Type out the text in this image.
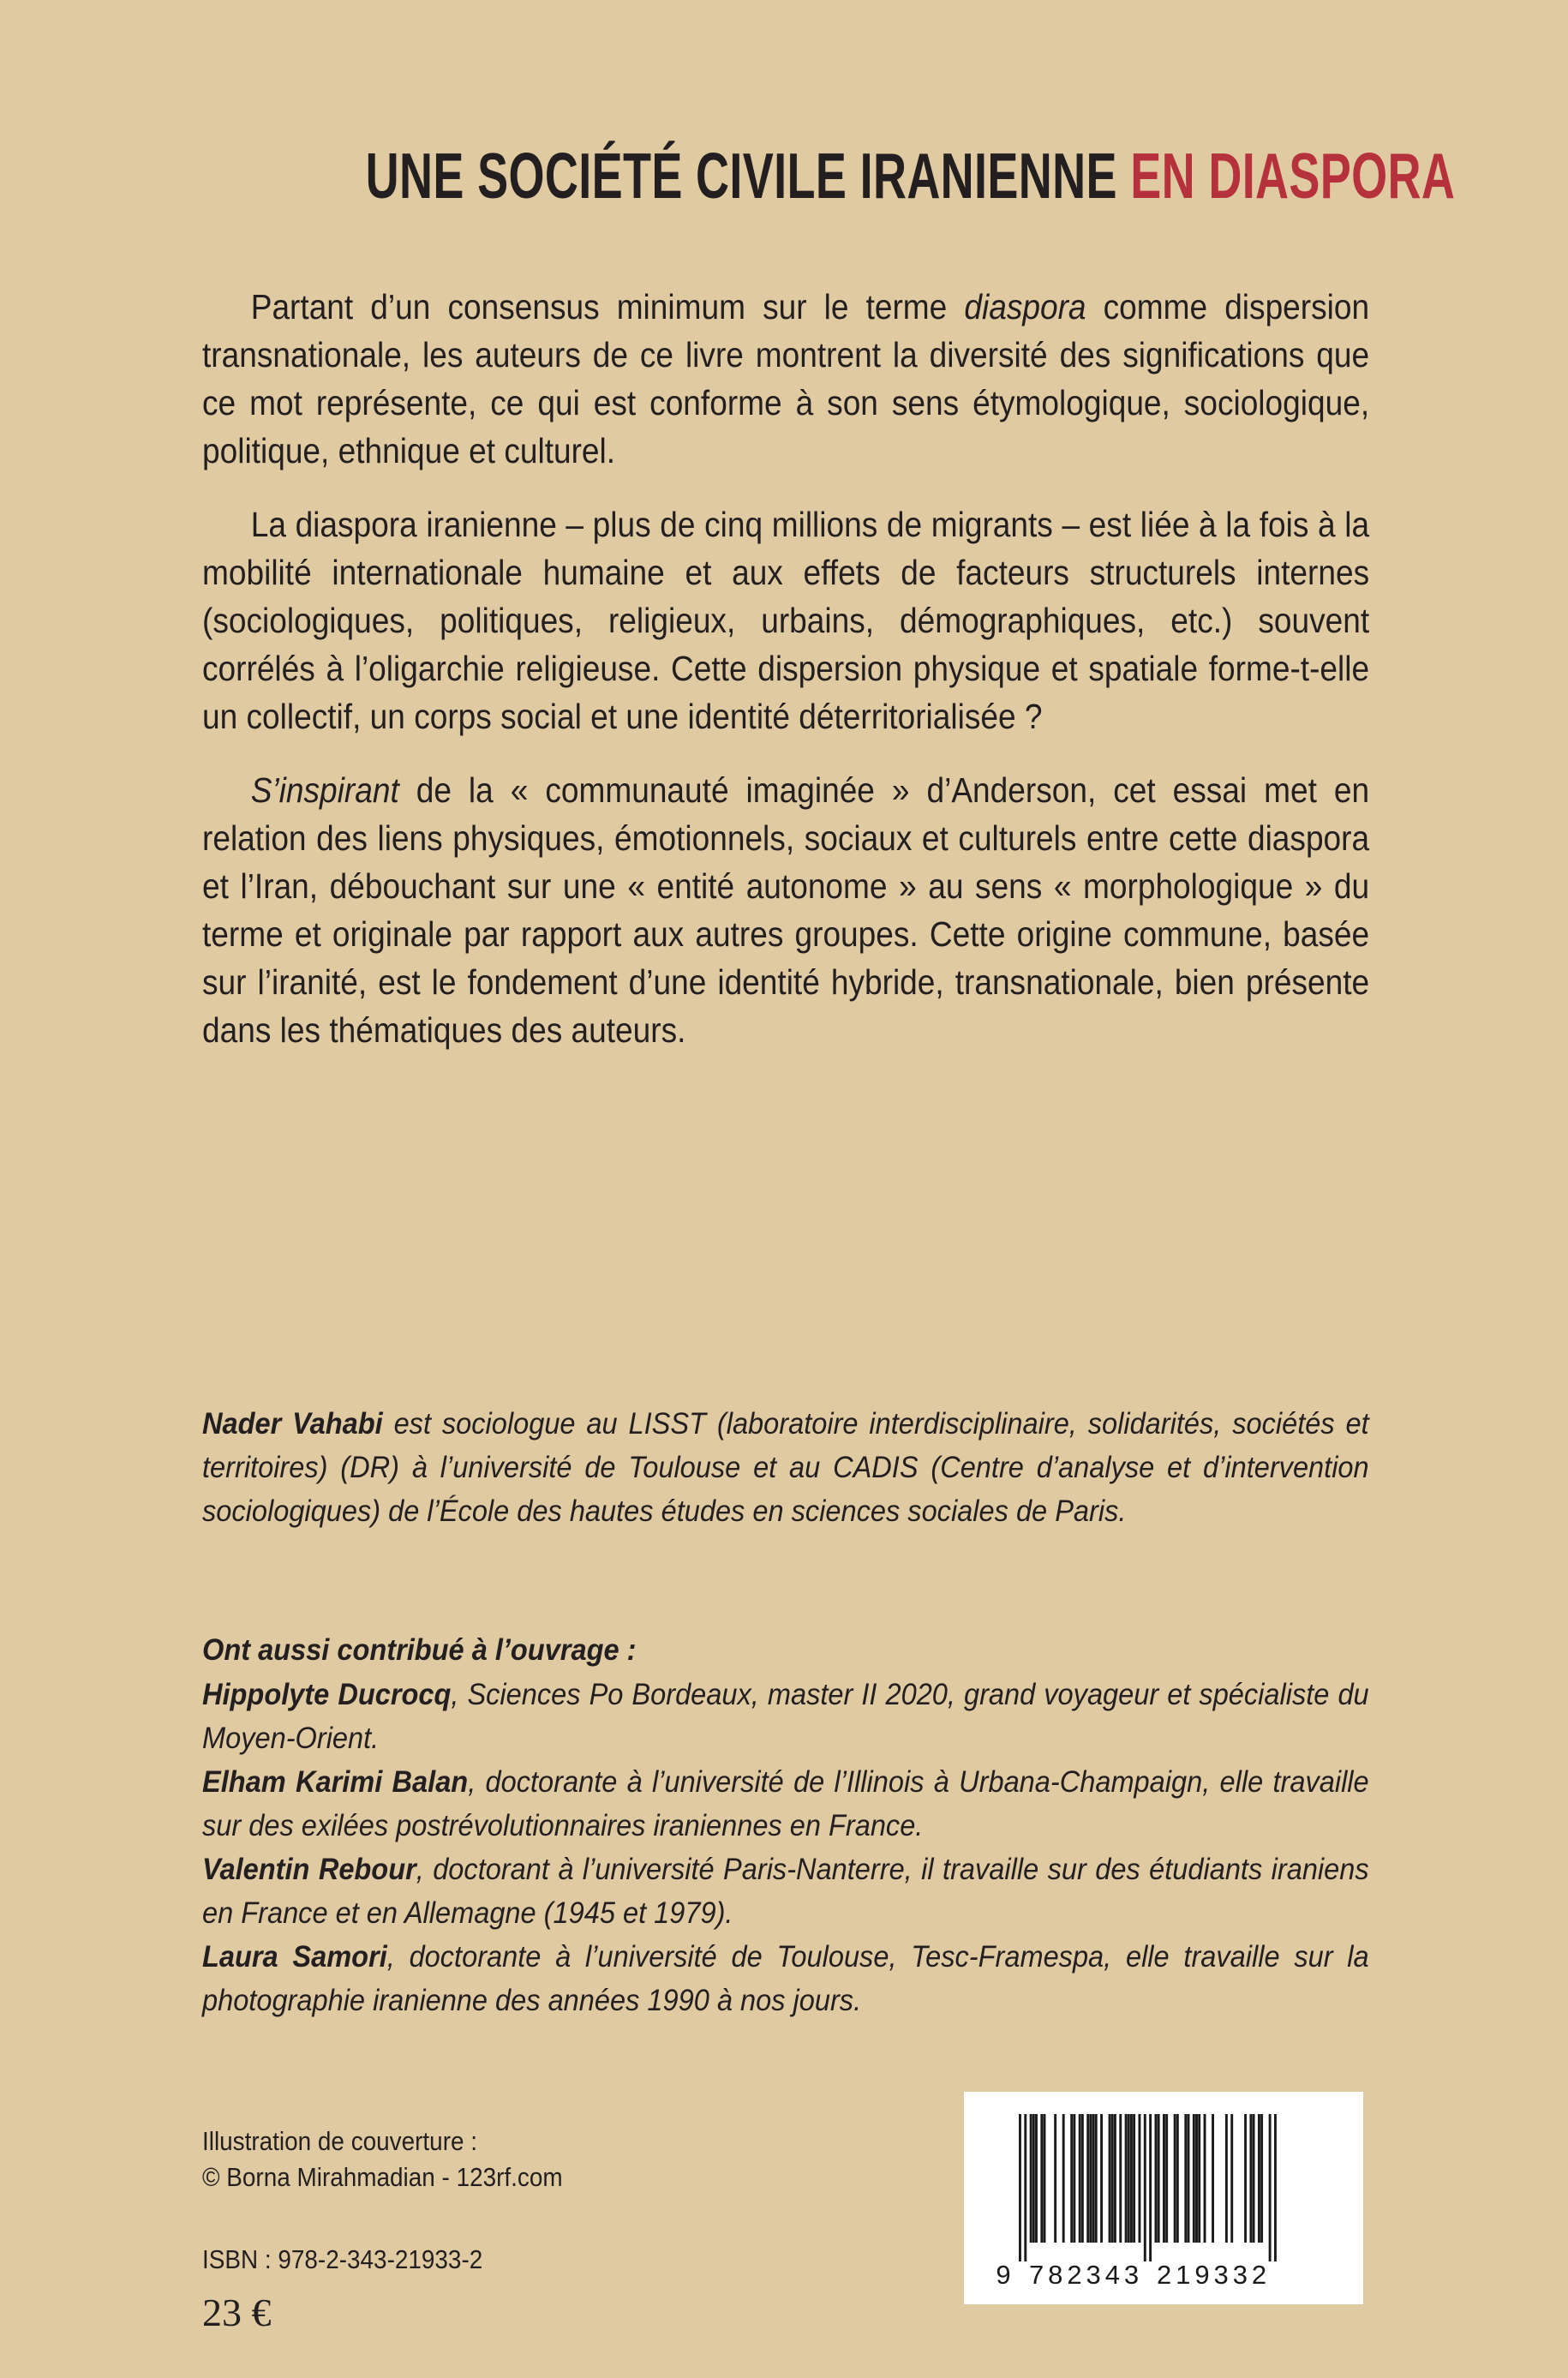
UNE SOCIÉTÉ CIVILE IRANIENNE EN DIASPORA

Partant d’un consensus minimum sur le terme diaspora comme dispersion transnationale, les auteurs de ce livre montrent la diversité des significations que ce mot représente, ce qui est conforme à son sens étymologique, sociologique, politique, ethnique et culturel.

La diaspora iranienne – plus de cinq millions de migrants – est liée à la fois à la mobilité internationale humaine et aux effets de facteurs structurels internes (sociologiques, politiques, religieux, urbains, démographiques, etc.) souvent corrélés à l’oligarchie religieuse. Cette dispersion physique et spatiale forme-t-elle un collectif, un corps social et une identité déterritorialisée ?

S’inspirant de la « communauté imaginée » d’Anderson, cet essai met en relation des liens physiques, émotionnels, sociaux et culturels entre cette diaspora et l’Iran, débouchant sur une « entité autonome » au sens « morphologique » du terme et originale par rapport aux autres groupes. Cette origine commune, basée sur l’iranité, est le fondement d’une identité hybride, transnationale, bien présente dans les thématiques des auteurs.

Nader Vahabi est sociologue au LISST (laboratoire interdisciplinaire, solidarités, sociétés et territoires) (DR) à l’université de Toulouse et au CADIS (Centre d’analyse et d’intervention sociologiques) de l’École des hautes études en sciences sociales de Paris.

Ont aussi contribué à l’ouvrage :

Hippolyte Ducrocq, Sciences Po Bordeaux, master II 2020, grand voyageur et spécialiste du Moyen-Orient.

Elham Karimi Balan, doctorante à l’université de l’Illinois à Urbana-Champaign, elle travaille sur des exilées postrévolutionnaires iraniennes en France.

Valentin Rebour, doctorant à l’université Paris-Nanterre, il travaille sur des étudiants iraniens en France et en Allemagne (1945 et 1979).

Laura Samori, doctorante à l’université de Toulouse, Tesc-Framespa, elle travaille sur la photographie iranienne des années 1990 à nos jours.

Illustration de couverture :

© Borna Mirahmadian - 123rf.com

ISBN : 978-2-343-21933-2

23 €

9 7 8 2 3 4 3 2 1 9 3 3 2
